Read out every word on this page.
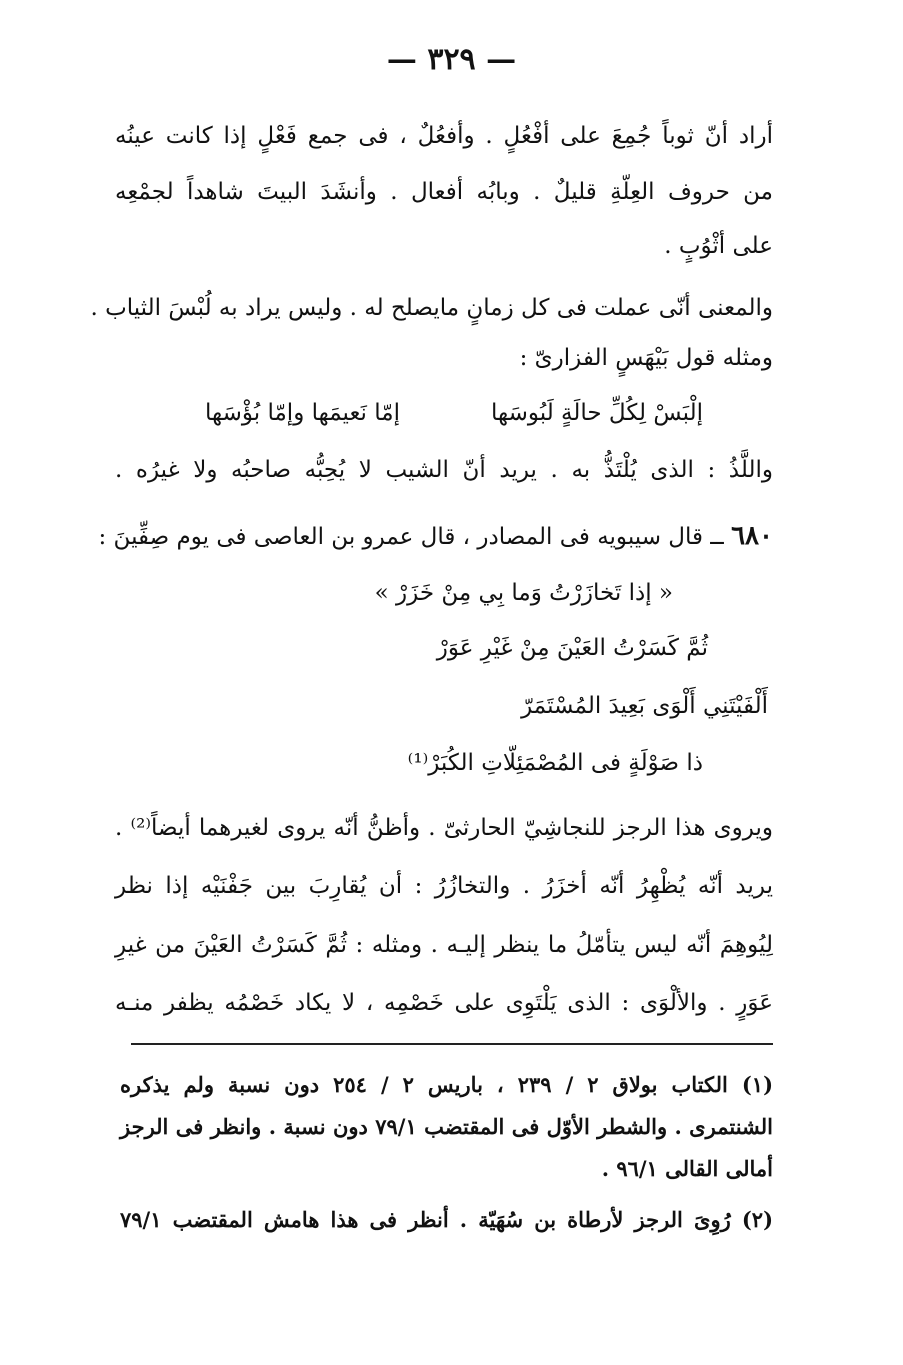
— ٣٢٩ —
أراد أنّ ثوباً جُمِعَ على أفْعُلٍ . وأفعُلٌ ، فى جمع فَعْلٍ إذا كانت عينُه
من حروف العِلّةِ قليلٌ . وبابُه أفعال . وأنشَدَ البيتَ شاهداً لجمْعِه
على أثْوُبٍ .
والمعنى أنّى عملت فى كل زمانٍ مايصلح له . وليس يراد به لُبْسَ الثياب .
ومثله قول بَيْهَسٍ الفزارىّ :
إلْبَسْ لِكُلِّ حالَةٍ لَبُوسَها
إمّا نَعيمَها وإمّا بُؤْسَها
واللَّذُ : الذى يُلْتَذُّ به . يريد أنّ الشيب لا يُحِبُّه صاحبُه ولا غيرُه .
٦٨٠ ــ قال سيبويه فى المصادر ، قال عمرو بن العاصى فى يوم صِفِّينَ :
« إذا تَخازَرْتُ وَما بِي مِنْ خَزَرْ »
ثُمَّ كَسَرْتُ العَيْنَ مِنْ غَيْرِ عَوَرْ
أَلْفَيْتَنِي أَلْوَى بَعِيدَ المُسْتَمَرّ
ذا صَوْلَةٍ فى المُصْمَئِلّاتِ الكُبَرْ⁽¹⁾
ويروى هذا الرجز للنجاشِيّ الحارثىّ . وأظنُّ أنّه يروى لغيرهما أيضاً⁽²⁾ .
يريد أنّه يُظْهِرُ أنّه أخزَرُ . والتخازُرُ : أن يُقارِبَ بين جَفْنَيْه إذا نظر
لِيُوهِمَ أنّه ليس يتأمّلُ ما ينظر إليـه . ومثله : ثُمَّ كَسَرْتُ العَيْنَ من غيرِ
عَوَرٍ . والألْوَى : الذى يَلْتَوِى على خَصْمِه ، لا يكاد خَصْمُه يظفر منـه
(١) الكتاب بولاق ٢ / ٢٣٩ ، باريس ٢ / ٢٥٤ دون نسبة ولم يذكره
الشنتمرى . والشطر الأوّل فى المقتضب ٧٩/١ دون نسبة . وانظر فى الرجز
أمالى القالى ٩٦/١ .
(٢) رُوِىَ الرجز لأرطاة بن سُهَيّة . أنظر فى هذا هامش المقتضب ٧٩/١
